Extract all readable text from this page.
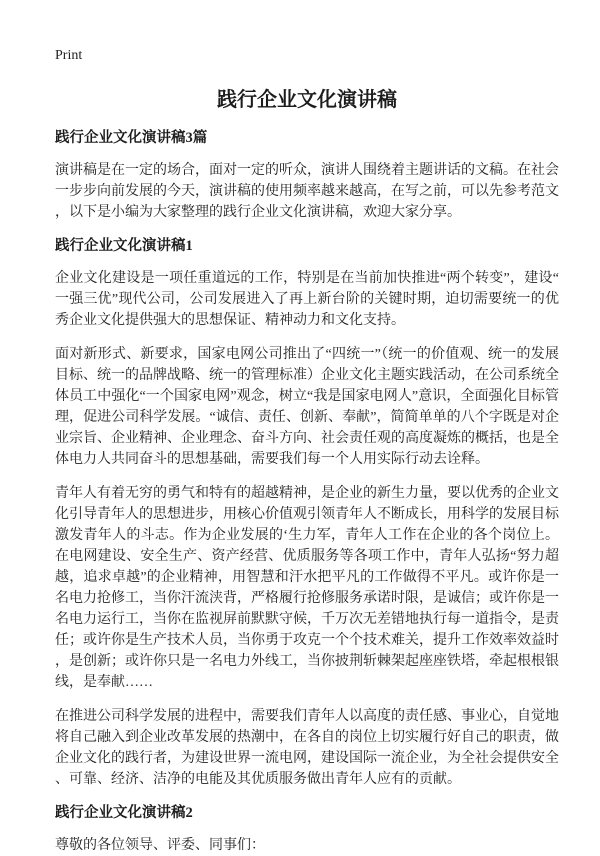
Print
践行企业文化演讲稿
践行企业文化演讲稿3篇

演讲稿是在一定的场合，面对一定的听众，演讲人围绕着主题讲话的文稿。在社会一步步向前发展的今天，演讲稿的使用频率越来越高，在写之前，可以先参考范文，以下是小编为大家整理的践行企业文化演讲稿，欢迎大家分享。

践行企业文化演讲稿1

企业文化建设是一项任重道远的工作，特别是在当前加快推进“两个转变”，建设“一强三优”现代公司，公司发展进入了再上新台阶的关键时期，迫切需要统一的优秀企业文化提供强大的思想保证、精神动力和文化支持。

面对新形式、新要求，国家电网公司推出了“四统一”（统一的价值观、统一的发展目标、统一的品牌战略、统一的管理标准）企业文化主题实践活动，在公司系统全体员工中强化“一个国家电网”观念，树立“我是国家电网人”意识，全面强化目标管理，促进公司科学发展。“诚信、责任、创新、奉献”，简简单单的八个字既是对企业宗旨、企业精神、企业理念、奋斗方向、社会责任观的高度凝炼的概括，也是全体电力人共同奋斗的思想基础，需要我们每一个人用实际行动去诠释。

青年人有着无穷的勇气和特有的超越精神，是企业的新生力量，要以优秀的企业文化引导青年人的思想进步，用核心价值观引领青年人不断成长，用科学的发展目标激发青年人的斗志。作为企业发展的‘生力军，青年人工作在企业的各个岗位上。在电网建设、安全生产、资产经营、优质服务等各项工作中，青年人弘扬“努力超越，追求卓越”的企业精神，用智慧和汗水把平凡的工作做得不平凡。或许你是一名电力抢修工，当你汗流浃背，严格履行抢修服务承诺时限，是诚信；或许你是一名电力运行工，当你在监视屏前默默守候，千万次无差错地执行每一道指令，是责任；或许你是生产技术人员，当你勇于攻克一个个技术难关，提升工作效率效益时，是创新；或许你只是一名电力外线工，当你披荆斩棘架起座座铁塔，牵起根根银线，是奉献……

在推进公司科学发展的进程中，需要我们青年人以高度的责任感、事业心，自觉地将自己融入到企业改革发展的热潮中，在各自的岗位上切实履行好自己的职责，做企业文化的践行者，为建设世界一流电网，建设国际一流企业，为全社会提供安全、可靠、经济、洁净的电能及其优质服务做出青年人应有的贡献。

践行企业文化演讲稿2

尊敬的各位领导、评委、同事们：
